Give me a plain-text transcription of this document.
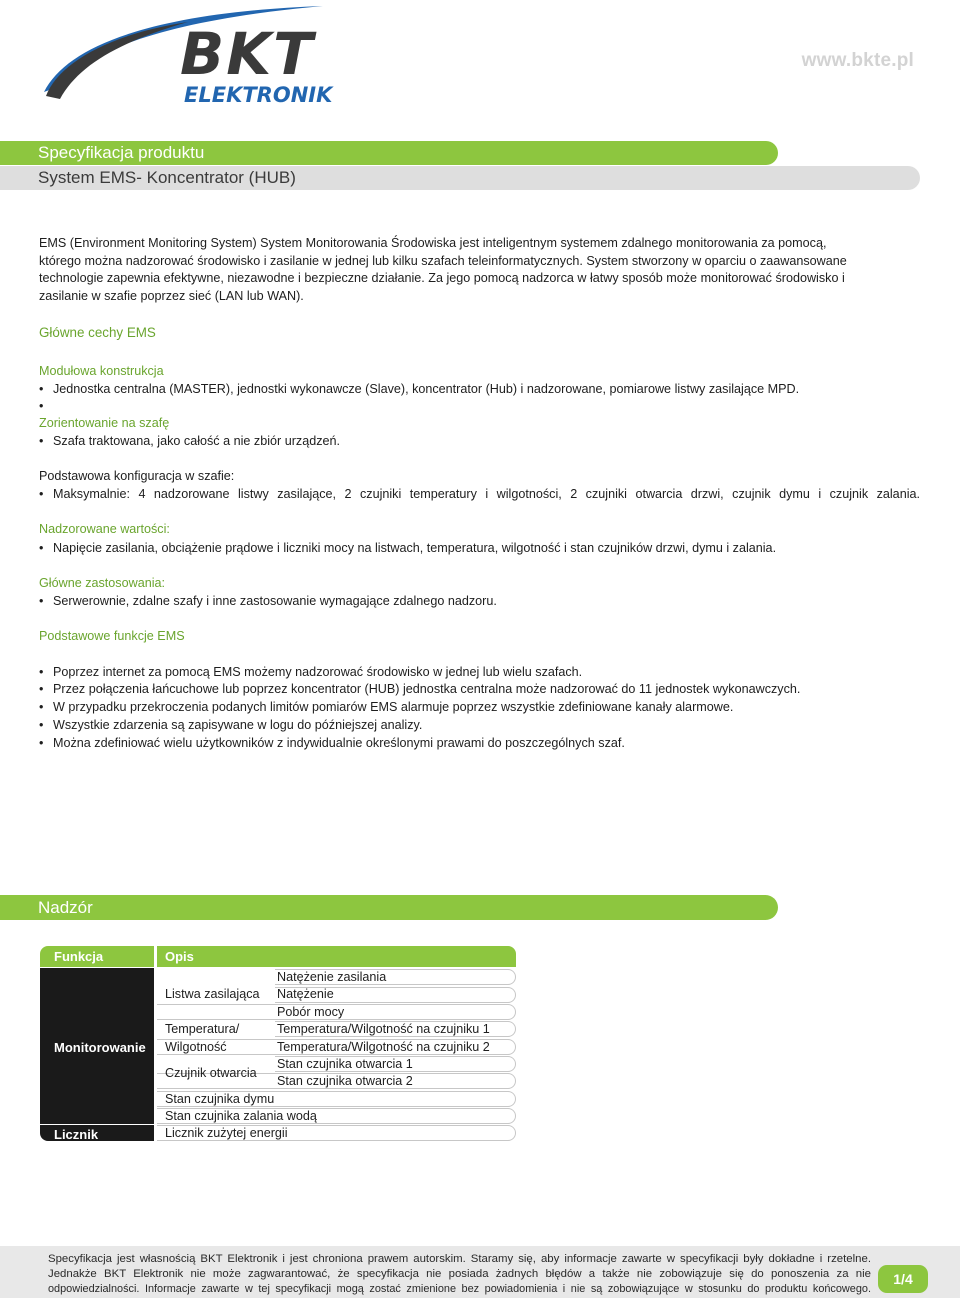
BKT
ELEKTRONIK
www.bkte.pl
Specyfikacja produktu
System EMS- Koncentrator (HUB)
EMS (Environment Monitoring System) System Monitorowania Środowiska jest inteligentnym systemem zdalnego monitorowania za pomocą,
którego można nadzorować środowisko i zasilanie w jednej lub kilku szafach teleinformatycznych. System stworzony w oparciu o zaawansowane
technologie zapewnia efektywne, niezawodne i bezpieczne działanie. Za jego pomocą nadzorca w łatwy sposób może monitorować środowisko i
zasilanie w szafie poprzez sieć (LAN lub WAN).
Główne cechy EMS
Modułowa konstrukcja
• Jednostka centralna (MASTER), jednostki wykonawcze (Slave), koncentrator (Hub) i nadzorowane, pomiarowe listwy zasilające MPD.
•
Zorientowanie na szafę
• Szafa traktowana, jako całość a nie zbiór urządzeń.
Podstawowa konfiguracja w szafie:
• Maksymalnie: 4 nadzorowane listwy zasilające, 2 czujniki temperatury i wilgotności, 2 czujniki otwarcia drzwi, czujnik dymu i czujnik zalania.
Nadzorowane wartości:
• Napięcie zasilania, obciążenie prądowe i liczniki mocy na listwach, temperatura, wilgotność i stan czujników drzwi, dymu i zalania.
Główne zastosowania:
• Serwerownie, zdalne szafy i inne zastosowanie wymagające zdalnego nadzoru.
Podstawowe funkcje EMS
• Poprzez internet za pomocą EMS możemy nadzorować środowisko w jednej lub wielu szafach.
• Przez połączenia łańcuchowe lub poprzez koncentrator (HUB) jednostka centralna może nadzorować do 11 jednostek wykonawczych.
• W przypadku przekroczenia podanych limitów pomiarów EMS alarmuje poprzez wszystkie zdefiniowane kanały alarmowe.
• Wszystkie zdarzenia są zapisywane w logu do późniejszej analizy.
• Można zdefiniować wielu użytkowników z indywidualnie określonymi prawami do poszczególnych szaf.
Nadzór
Funkcja	Opis
Monitorowanie
Licznik
Listwa zasilająca
Natężenie zasilania
Natężenie
Pobór mocy
Temperatura/
Wilgotność
Temperatura/Wilgotność na czujniku 1
Temperatura/Wilgotność na czujniku 2
Czujnik otwarcia
Stan czujnika otwarcia 1
Stan czujnika otwarcia 2
Stan czujnika dymu
Stan czujnika zalania wodą
Licznik zużytej energii
Specyfikacja jest własnością BKT Elektronik i jest chroniona prawem autorskim. Staramy się, aby informacje zawarte w specyfikacji były dokładne i rzetelne.
Jednakże BKT Elektronik nie może zagwarantować, że specyfikacja nie posiada żadnych błędów a także nie zobowiązuje się do ponoszenia za nie
odpowiedzialności. Informacje zawarte w tej specyfikacji mogą zostać zmienione bez powiadomienia i nie są zobowiązujące w stosunku do produktu końcowego.
1/4
